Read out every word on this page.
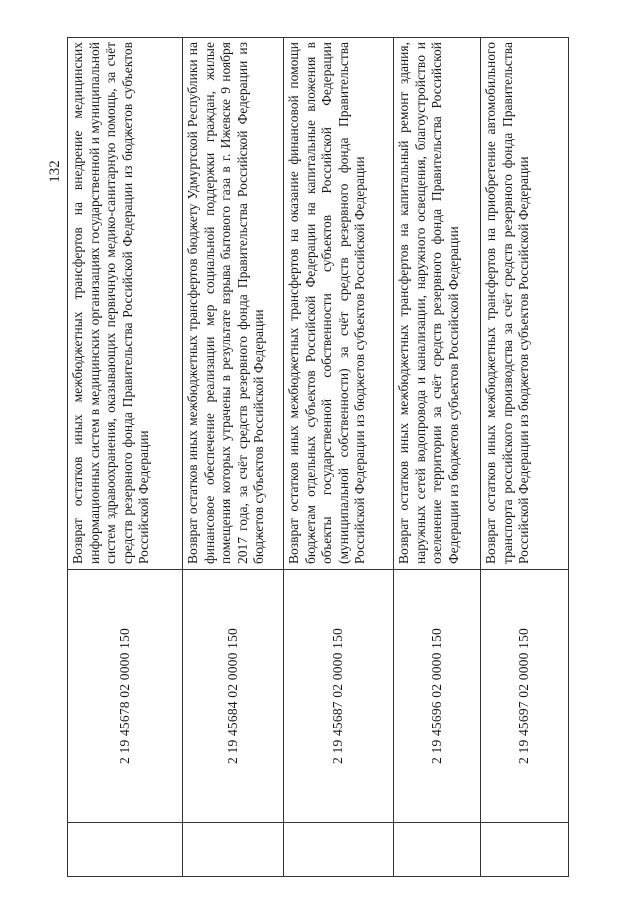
132
	2 19 45678 02 0000 150	Возврат остатков иных межбюджетных трансфертов на внедрение медицинских информационных систем в медицинских организациях государственной и муниципальной систем здравоохранения, оказывающих первичную медико-санитарную помощь, за счёт средств резервного фонда Правительства Российской Федерации из бюджетов субъектов Российской Федерации
	2 19 45684 02 0000 150	Возврат остатков иных межбюджетных трансфертов бюджету Удмуртской Республики на финансовое обеспечение реализации мер социальной поддержки граждан, жилые помещения которых утрачены в результате взрыва бытового газа в г. Ижевске 9 ноября 2017 года, за счёт средств резервного фонда Правительства Российской Федерации из бюджетов субъектов Российской Федерации
	2 19 45687 02 0000 150	Возврат остатков иных межбюджетных трансфертов на оказание финансовой помощи бюджетам отдельных субъектов Российской Федерации на капитальные вложения в объекты государственной собственности субъектов Российской Федерации (муниципальной собственности) за счёт средств резервного фонда Правительства Российской Федерации из бюджетов субъектов Российской Федерации
	2 19 45696 02 0000 150	Возврат остатков иных межбюджетных трансфертов на капитальный ремонт здания, наружных сетей водопровода и канализации, наружного освещения, благоустройство и озеленение территории за счёт средств резервного фонда Правительства Российской Федерации из бюджетов субъектов Российской Федерации
	2 19 45697 02 0000 150	Возврат остатков иных межбюджетных трансфертов на приобретение автомобильного транспорта российского производства за счёт средств резервного фонда Правительства Российской Федерации из бюджетов субъектов Российской Федерации
